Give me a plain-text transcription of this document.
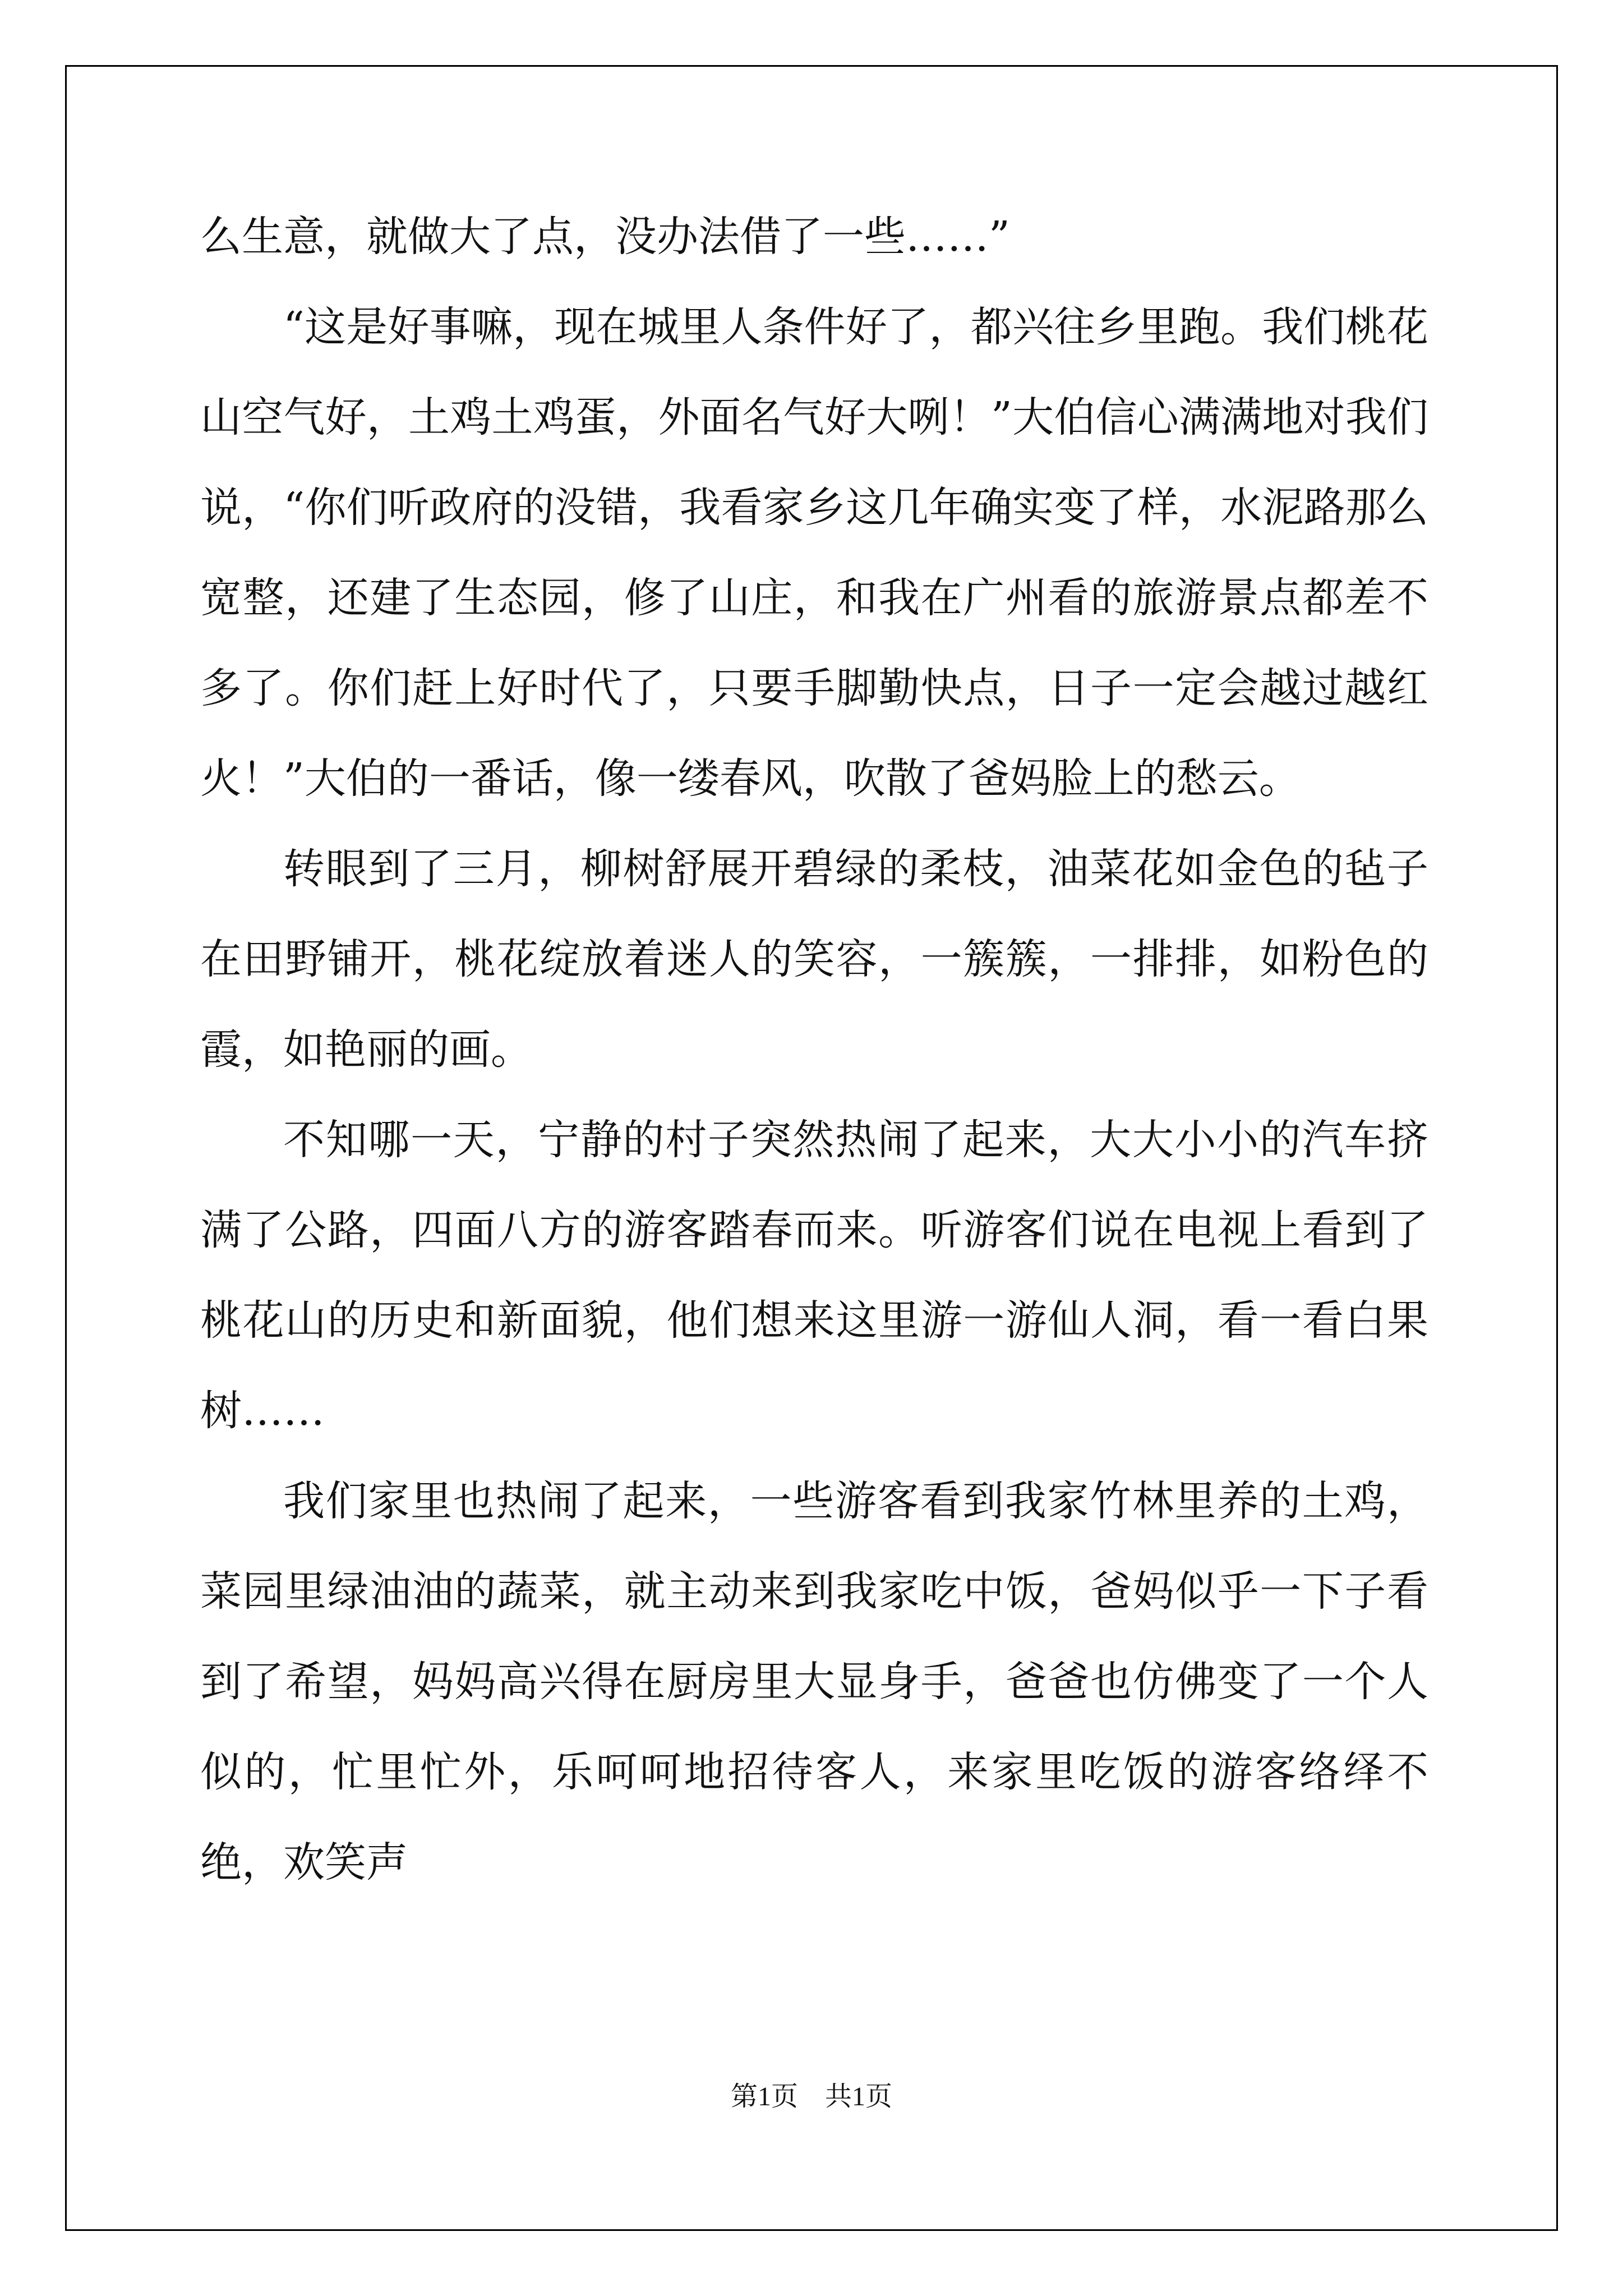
么生意，就做大了点，没办法借了一些……”

“这是好事嘛，现在城里人条件好了，都兴往乡里跑。我们桃花山空气好，土鸡土鸡蛋，外面名气好大咧！”大伯信心满满地对我们说，“你们听政府的没错，我看家乡这几年确实变了样，水泥路那么宽整，还建了生态园，修了山庄，和我在广州看的旅游景点都差不多了。你们赶上好时代了，只要手脚勤快点，日子一定会越过越红火！”大伯的一番话，像一缕春风，吹散了爸妈脸上的愁云。

转眼到了三月，柳树舒展开碧绿的柔枝，油菜花如金色的毡子在田野铺开，桃花绽放着迷人的笑容，一簇簇，一排排，如粉色的霞，如艳丽的画。

不知哪一天，宁静的村子突然热闹了起来，大大小小的汽车挤满了公路，四面八方的游客踏春而来。听游客们说在电视上看到了桃花山的历史和新面貌，他们想来这里游一游仙人洞，看一看白果树……

我们家里也热闹了起来，一些游客看到我家竹林里养的土鸡，菜园里绿油油的蔬菜，就主动来到我家吃中饭，爸妈似乎一下子看到了希望，妈妈高兴得在厨房里大显身手，爸爸也仿佛变了一个人似的，忙里忙外，乐呵呵地招待客人，来家里吃饭的游客络绎不绝，欢笑声

第1页　共1页
